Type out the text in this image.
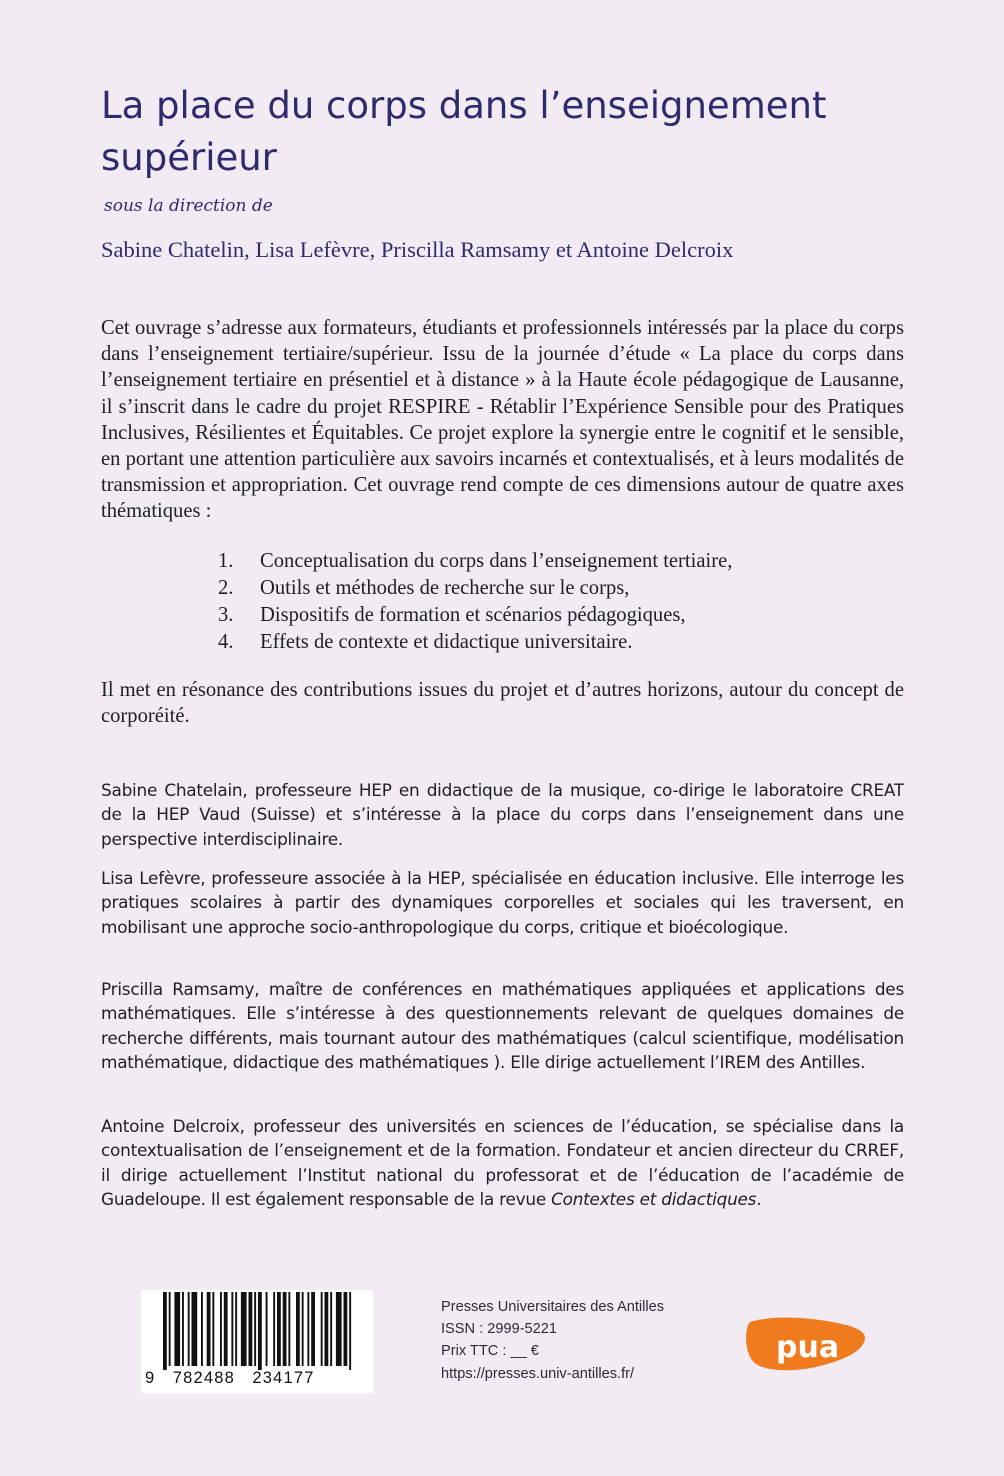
La place du corps dans l’enseignement supérieur
sous la direction de
Sabine Chatelin, Lisa Lefèvre, Priscilla Ramsamy et Antoine Delcroix

Cet ouvrage s’adresse aux formateurs, étudiants et professionnels intéressés par la place du corps dans l’enseignement tertiaire/supérieur. Issu de la journée d’étude « La place du corps dans l’enseignement tertiaire en présentiel et à distance » à la Haute école pédagogique de Lausanne, il s’inscrit dans le cadre du projet RESPIRE - Rétablir l’Expérience Sensible pour des Pratiques Inclusives, Résilientes et Équitables. Ce projet explore la synergie entre le cognitif et le sensible, en portant une attention particulière aux savoirs incarnés et contextualisés, et à leurs modalités de transmission et appropriation. Cet ouvrage rend compte de ces dimensions autour de quatre axes thématiques :

1.	Conceptualisation du corps dans l’enseignement tertiaire,
2.	Outils et méthodes de recherche sur le corps,
3.	Dispositifs de formation et scénarios pédagogiques,
4.	Effets de contexte et didactique universitaire.

Il met en résonance des contributions issues du projet et d’autres horizons, autour du concept de corporéité.

Sabine Chatelain, professeure HEP en didactique de la musique, co-dirige le laboratoire CREAT de la HEP Vaud (Suisse) et s’intéresse à la place du corps dans l’enseignement dans une perspective interdisciplinaire.

Lisa Lefèvre, professeure associée à la HEP, spécialisée en éducation inclusive. Elle interroge les pratiques scolaires à partir des dynamiques corporelles et sociales qui les traversent, en mobilisant une approche socio-anthropologique du corps, critique et bioécologique.

Priscilla Ramsamy, maître de conférences en mathématiques appliquées et applications des mathématiques. Elle s’intéresse à des questionnements relevant de quelques domaines de recherche différents, mais tournant autour des mathématiques (calcul scientifique, modélisation mathématique, didactique des mathématiques ). Elle dirige actuellement l’IREM des Antilles.

Antoine Delcroix, professeur des universités en sciences de l’éducation, se spécialise dans la contextualisation de l’enseignement et de la formation. Fondateur et ancien directeur du CRREF, il dirige actuellement l’Institut national du professorat et de l’éducation de l’académie de Guadeloupe. Il est également responsable de la revue Contextes et didactiques.

9   782488   234177
Presses Universitaires des Antilles
ISSN : 2999-5221
Prix TTC : __ €
https://presses.univ-antilles.fr/
pua
